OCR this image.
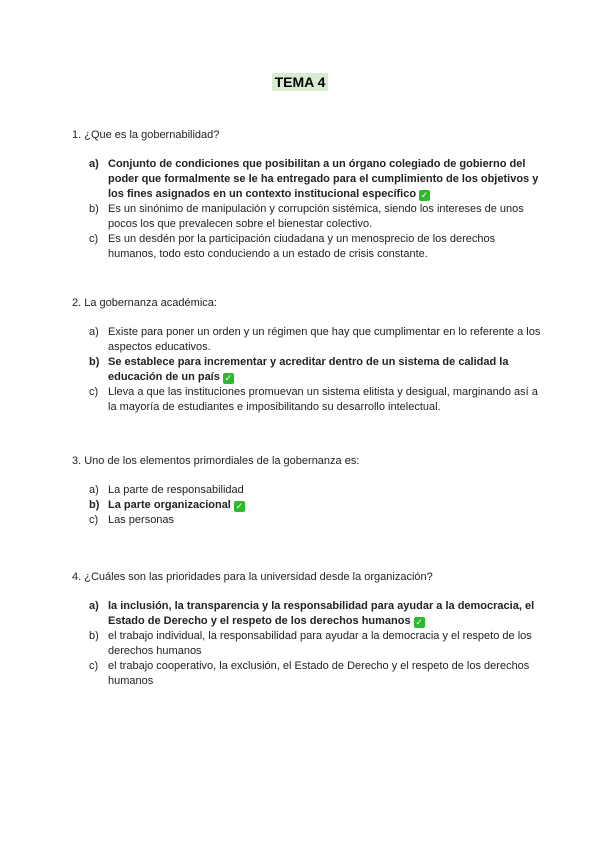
TEMA 4

1. ¿Que es la gobernabilidad?

a) Conjunto de condiciones que posibilitan a un órgano colegiado de gobierno del poder que formalmente se le ha entregado para el cumplimiento de los objetivos y los fines asignados en un contexto institucional específico ✓
b) Es un sinónimo de manipulación y corrupción sistémica, siendo los intereses de unos pocos los que prevalecen sobre el bienestar colectivo.
c) Es un desdén por la participación ciudadana y un menosprecio de los derechos humanos, todo esto conduciendo a un estado de crisis constante.

2. La gobernanza académica:

a) Existe para poner un orden y un régimen que hay que cumplimentar en lo referente a los aspectos educativos.
b) Se establece para incrementar y acreditar dentro de un sistema de calidad la educación de un país ✓
c) Lleva a que las instituciones promuevan un sistema elitista y desigual, marginando así a la mayoría de estudiantes e imposibilitando su desarrollo intelectual.

3. Uno de los elementos primordiales de la gobernanza es:

a) La parte de responsabilidad
b) La parte organizacional ✓
c) Las personas

4. ¿Cuáles son las prioridades para la universidad desde la organización?

a) la inclusión, la transparencia y la responsabilidad para ayudar a la democracia, el Estado de Derecho y el respeto de los derechos humanos ✓
b) el trabajo individual, la responsabilidad para ayudar a la democracia y el respeto de los derechos humanos
c) el trabajo cooperativo, la exclusión, el Estado de Derecho y el respeto de los derechos humanos
